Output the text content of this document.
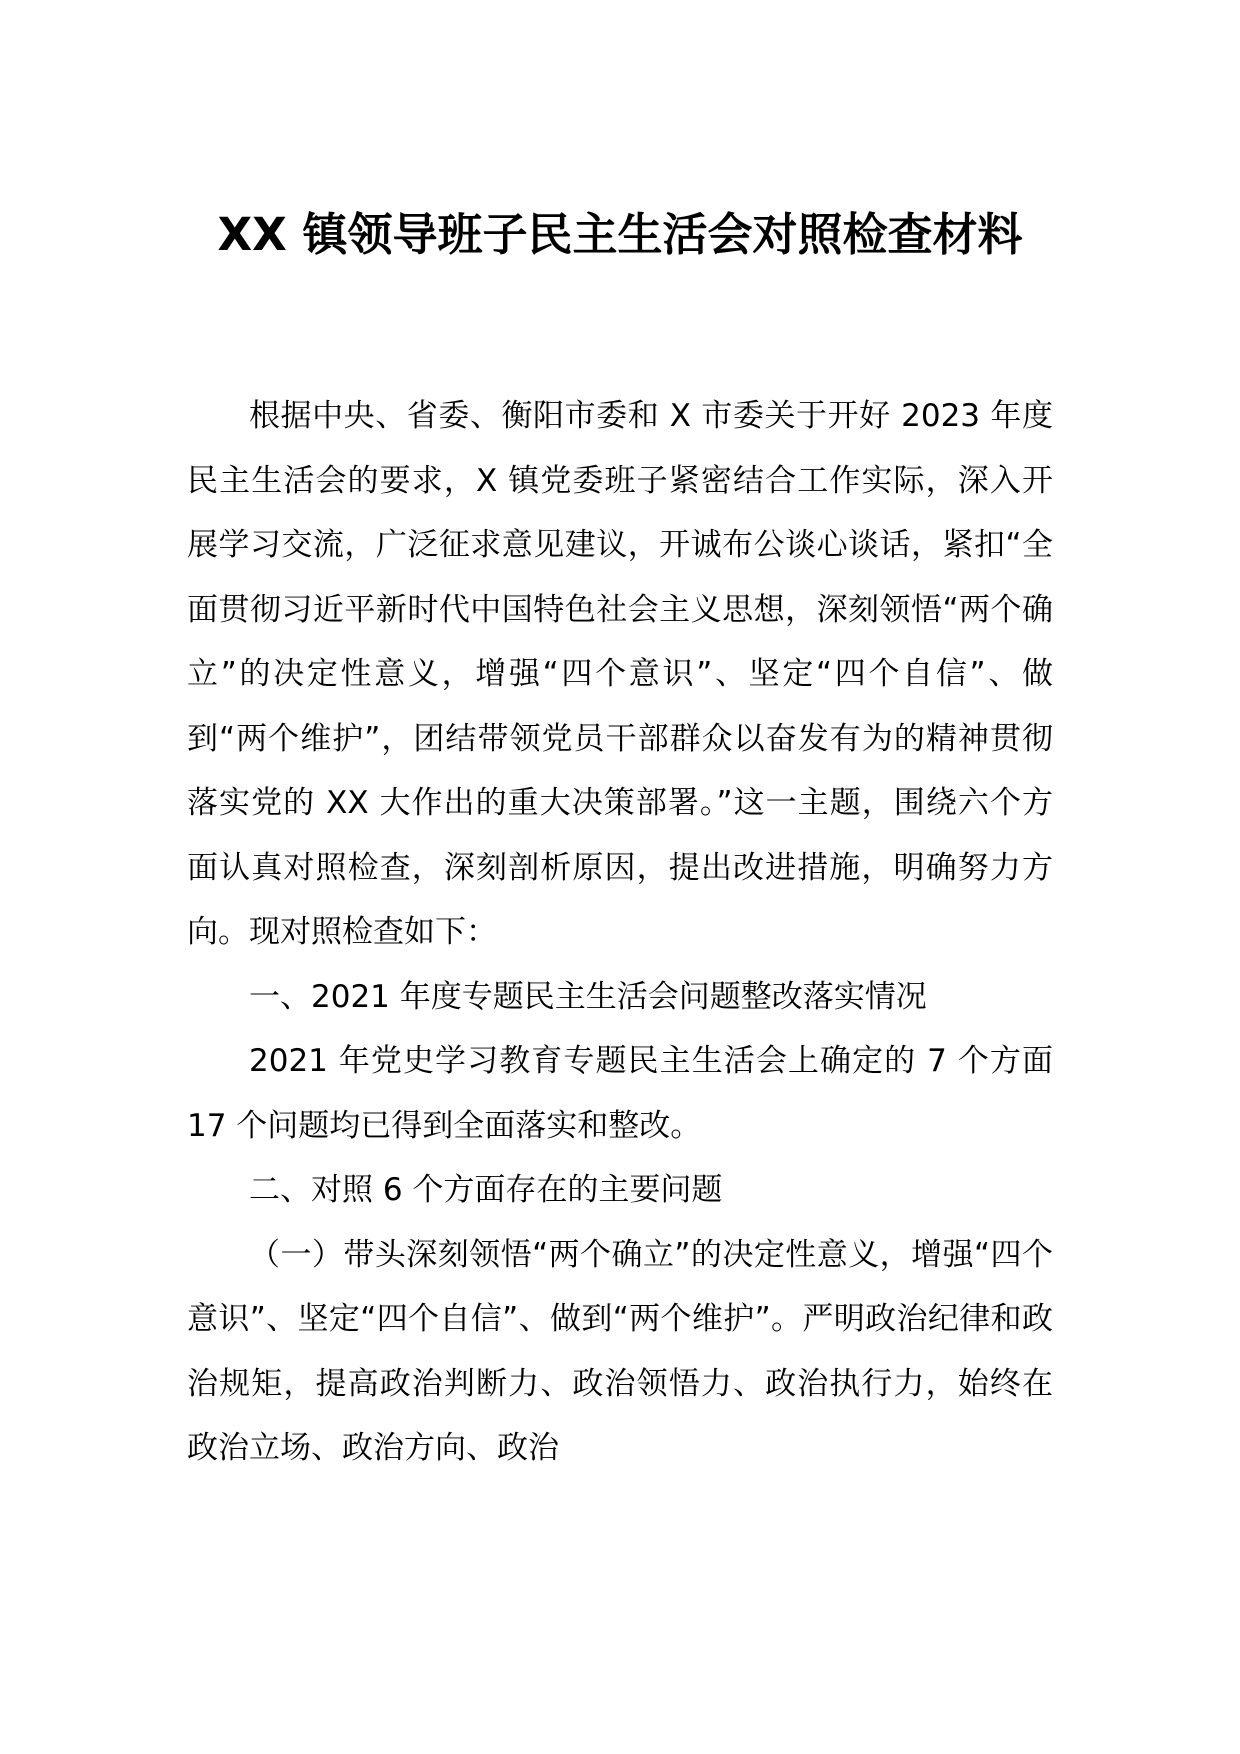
XX 镇领导班子民主生活会对照检查材料

根据中央、省委、衡阳市委和 X 市委关于开好 2023 年度民主生活会的要求，X 镇党委班子紧密结合工作实际，深入开展学习交流，广泛征求意见建议，开诚布公谈心谈话，紧扣“全面贯彻习近平新时代中国特色社会主义思想，深刻领悟“两个确立”的决定性意义，增强“四个意识”、坚定“四个自信”、做到“两个维护”，团结带领党员干部群众以奋发有为的精神贯彻落实党的 XX 大作出的重大决策部署。”这一主题，围绕六个方面认真对照检查，深刻剖析原因，提出改进措施，明确努力方向。现对照检查如下：

一、2021 年度专题民主生活会问题整改落实情况

2021 年党史学习教育专题民主生活会上确定的 7 个方面 17 个问题均已得到全面落实和整改。

二、对照 6 个方面存在的主要问题

（一）带头深刻领悟“两个确立”的决定性意义，增强“四个意识”、坚定“四个自信”、做到“两个维护”。严明政治纪律和政治规矩，提高政治判断力、政治领悟力、政治执行力，始终在政治立场、政治方向、政治
